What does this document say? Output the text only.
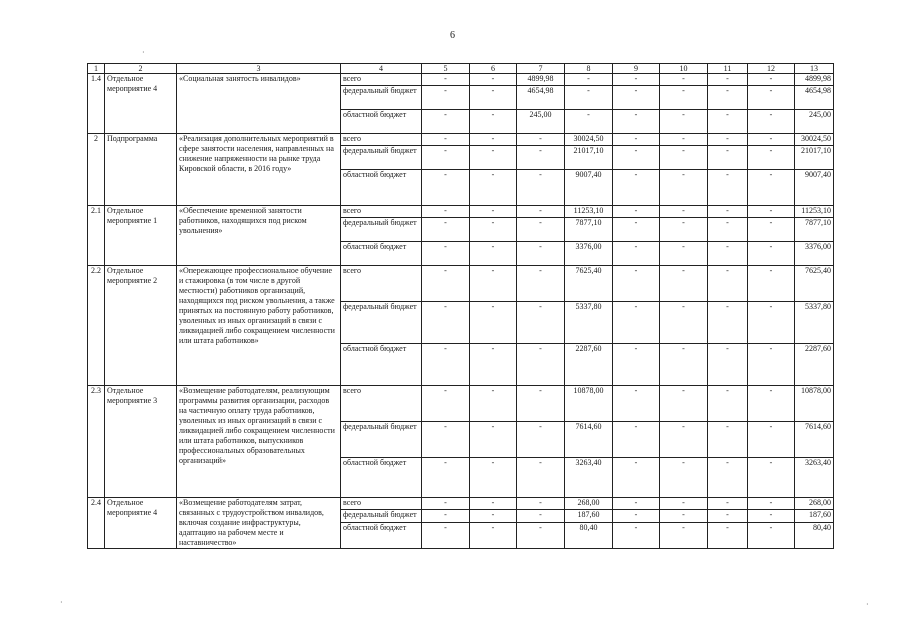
6
1	2	3	4	5	6	7	8	9	10	11	12	13
1.4	Отдельное мероприятие 4	«Социальная занятость инвалидов»	всего	-	-	4899,98	-	-	-	-	-	4899,98
			федеральный бюджет	-	-	4654,98	-	-	-	-	-	4654,98
			областной бюджет	-	-	245,00	-	-	-	-	-	245,00
2	Подпрограмма	«Реализация дополнительных мероприятий в сфере занятости населения, направленных на снижение напряженности на рынке труда Кировской области, в 2016 году»	всего	-	-	-	30024,50	-	-	-	-	30024,50
			федеральный бюджет	-	-	-	21017,10	-	-	-	-	21017,10
			областной бюджет	-	-	-	9007,40	-	-	-	-	9007,40
2.1	Отдельное мероприятие 1	«Обеспечение временной занятости работников, находящихся под риском увольнения»	всего	-	-	-	11253,10	-	-	-	-	11253,10
			федеральный бюджет	-	-	-	7877,10	-	-	-	-	7877,10
			областной бюджет	-	-	-	3376,00	-	-	-	-	3376,00
2.2	Отдельное мероприятие 2	«Опережающее профессиональное обучение и стажировка (в том числе в другой местности) работников организаций, находящихся под риском увольнения, а также принятых на постоянную работу работников, уволенных из иных организаций в связи с ликвидацией либо сокращением численности или штата работников»	всего	-	-	-	7625,40	-	-	-	-	7625,40
			федеральный бюджет	-	-	-	5337,80	-	-	-	-	5337,80
			областной бюджет	-	-	-	2287,60	-	-	-	-	2287,60
2.3	Отдельное мероприятие 3	«Возмещение работодателям, реализующим программы развития организации, расходов на частичную оплату труда работников, уволенных из иных организаций в связи с ликвидацией либо сокращением численности или штата работников, выпускников профессиональных образовательных организаций»	всего	-	-	-	10878,00	-	-	-	-	10878,00
			федеральный бюджет	-	-	-	7614,60	-	-	-	-	7614,60
			областной бюджет	-	-	-	3263,40	-	-	-	-	3263,40
2.4	Отдельное мероприятие 4	«Возмещение работодателям затрат, связанных с трудоустройством инвалидов, включая создание инфраструктуры, адаптацию на рабочем месте и наставничество»	всего	-	-	-	268,00	-	-	-	-	268,00
			федеральный бюджет	-	-	-	187,60	-	-	-	-	187,60
			областной бюджет	-	-	-	80,40	-	-	-	-	80,40
·
·	·
